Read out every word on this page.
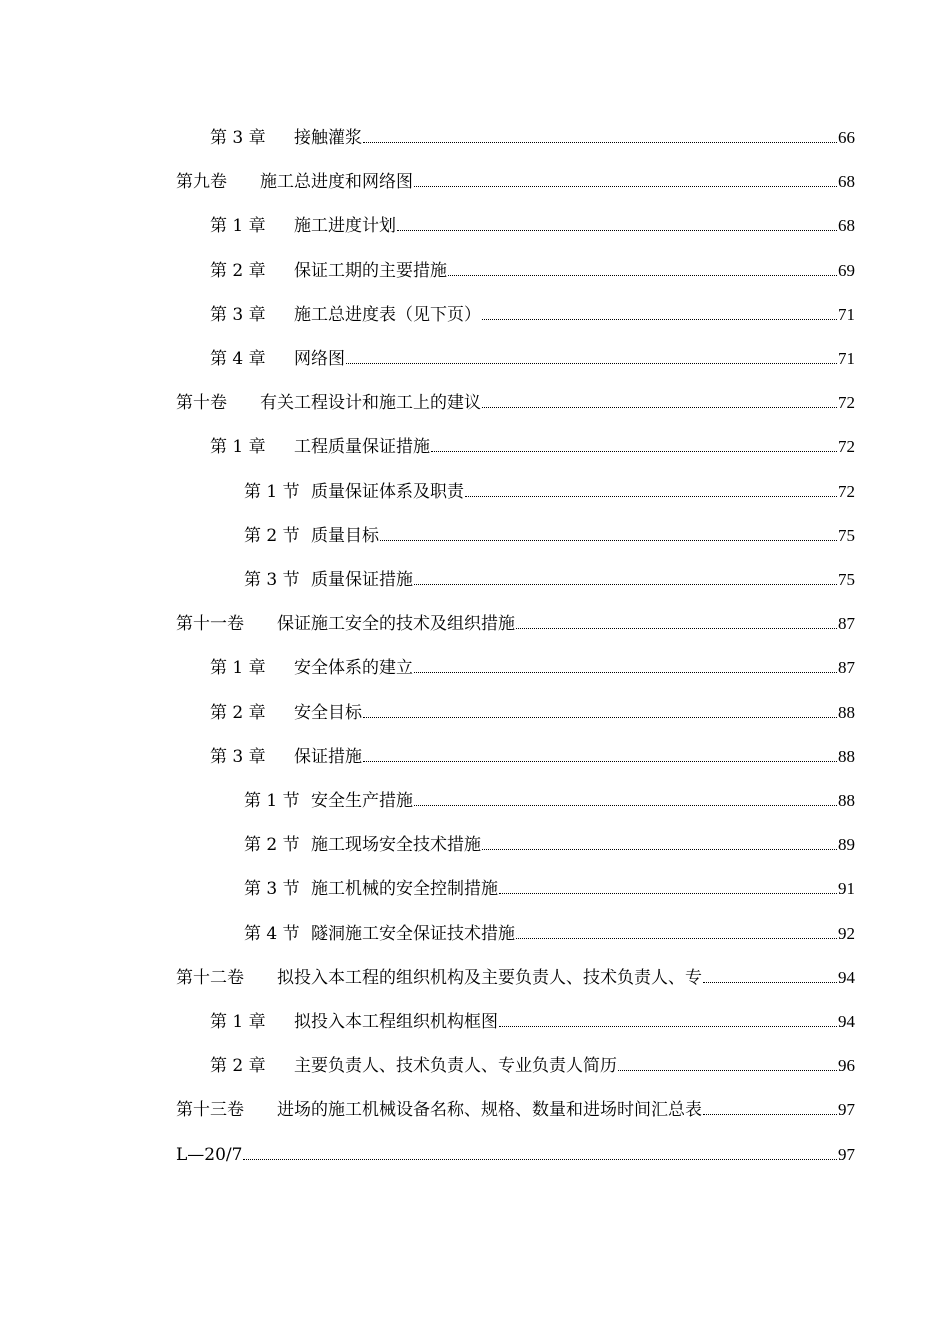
第 3 章	接触灌浆	66
第九卷	施工总进度和网络图	68
第 1 章	施工进度计划	68
第 2 章	保证工期的主要措施	69
第 3 章	施工总进度表（见下页）	71
第 4 章	网络图	71
第十卷	有关工程设计和施工上的建议	72
第 1 章	工程质量保证措施	72
第 1 节 质量保证体系及职责	72
第 2 节 质量目标	75
第 3 节 质量保证措施	75
第十一卷	保证施工安全的技术及组织措施	87
第 1 章	安全体系的建立	87
第 2 章	安全目标	88
第 3 章	保证措施	88
第 1 节 安全生产措施	88
第 2 节 施工现场安全技术措施	89
第 3 节 施工机械的安全控制措施	91
第 4 节 隧洞施工安全保证技术措施	92
第十二卷	拟投入本工程的组织机构及主要负责人、技术负责人、专	94
第 1 章	拟投入本工程组织机构框图	94
第 2 章	主要负责人、技术负责人、专业负责人简历	96
第十三卷	进场的施工机械设备名称、规格、数量和进场时间汇总表	97
L—20/7	97
